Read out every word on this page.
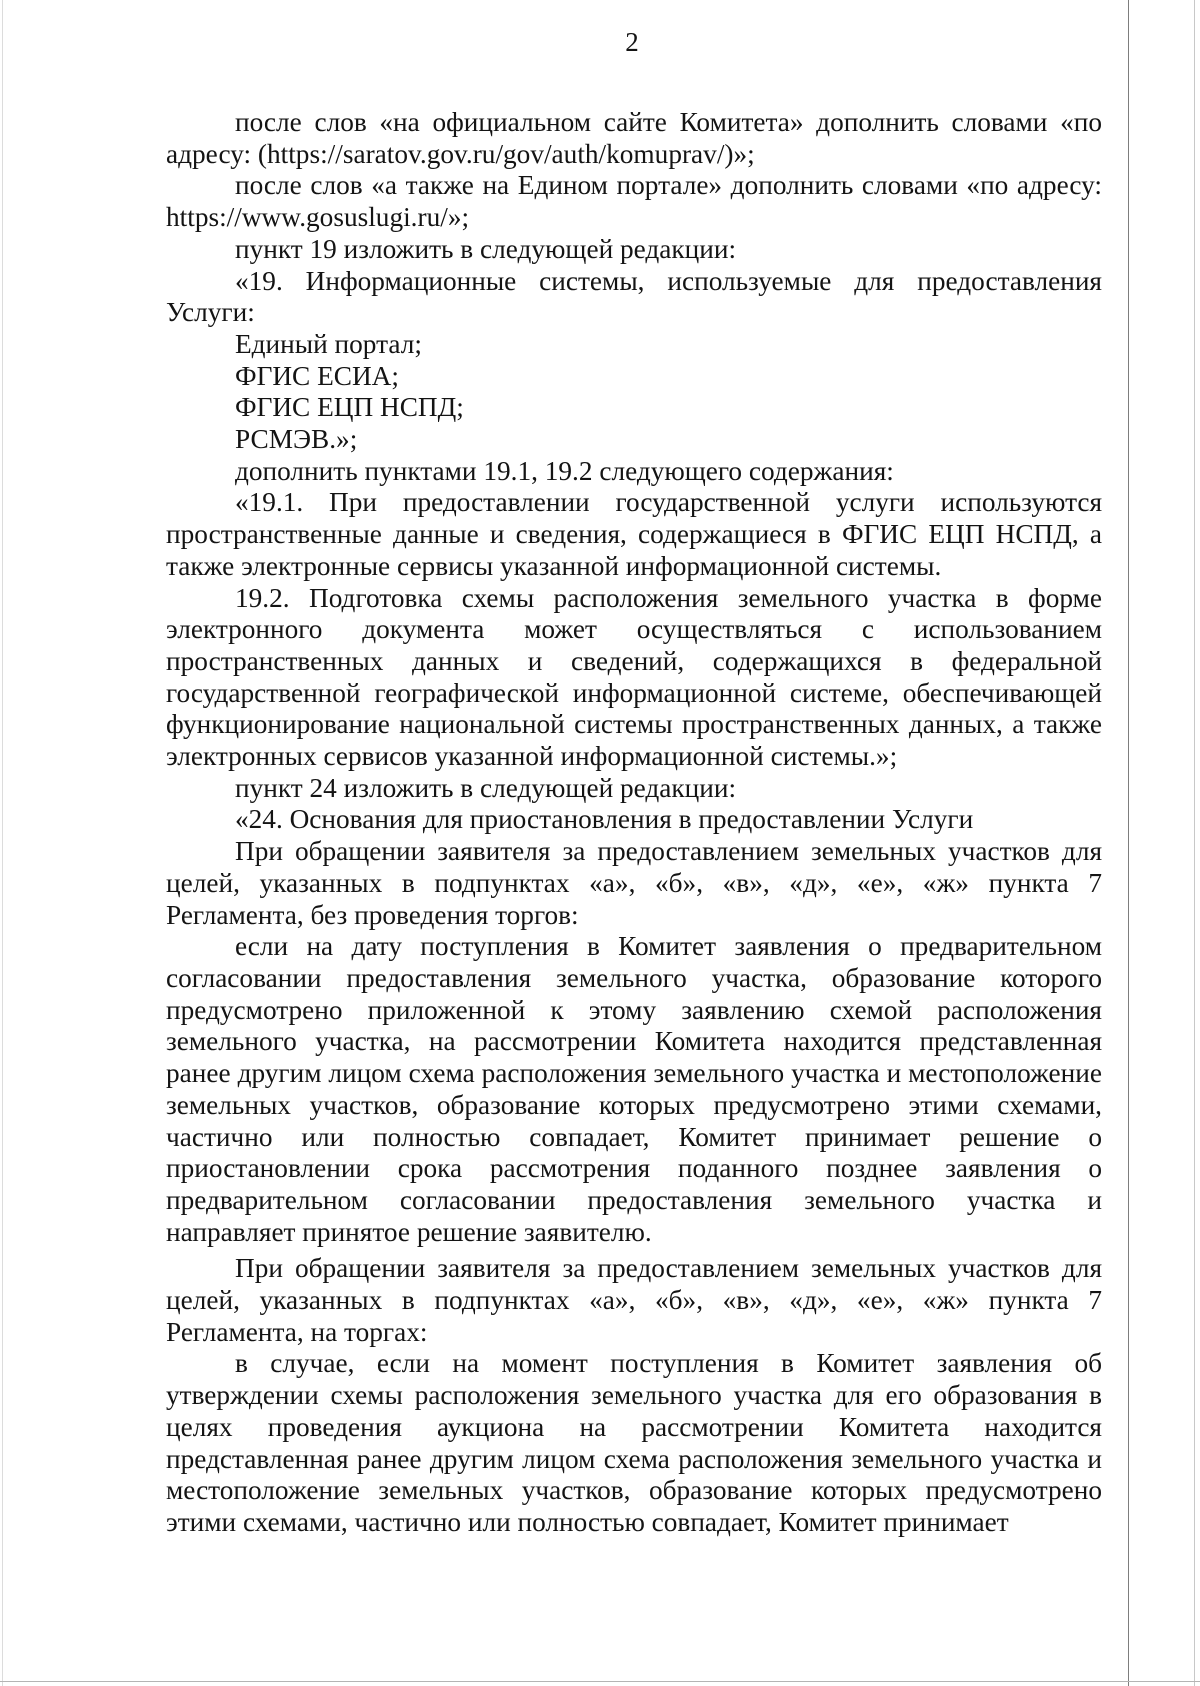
2

после слов «на официальном сайте Комитета» дополнить словами «по адресу: (https://saratov.gov.ru/gov/auth/komuprav/)»;

после слов «а также на Едином портале» дополнить словами «по адресу: https://www.gosuslugi.ru/»;

пункт 19 изложить в следующей редакции:

«19. Информационные системы, используемые для предоставления Услуги:

Единый портал;

ФГИС ЕСИА;

ФГИС ЕЦП НСПД;

РСМЭВ.»;

дополнить пунктами 19.1, 19.2 следующего содержания:

«19.1. При предоставлении государственной услуги используются пространственные данные и сведения, содержащиеся в ФГИС ЕЦП НСПД, а также электронные сервисы указанной информационной системы.

19.2. Подготовка схемы расположения земельного участка в форме электронного документа может осуществляться с использованием пространственных данных и сведений, содержащихся в федеральной государственной географической информационной системе, обеспечивающей функционирование национальной системы пространственных данных, а также электронных сервисов указанной информационной системы.»;

пункт 24 изложить в следующей редакции:

«24. Основания для приостановления в предоставлении Услуги

При обращении заявителя за предоставлением земельных участков для целей, указанных в подпунктах «а», «б», «в», «д», «е», «ж» пункта 7 Регламента, без проведения торгов:

если на дату поступления в Комитет заявления о предварительном согласовании предоставления земельного участка, образование которого предусмотрено приложенной к этому заявлению схемой расположения земельного участка, на рассмотрении Комитета находится представленная ранее другим лицом схема расположения земельного участка и местоположение земельных участков, образование которых предусмотрено этими схемами, частично или полностью совпадает, Комитет принимает решение о приостановлении срока рассмотрения поданного позднее заявления о предварительном согласовании предоставления земельного участка и направляет принятое решение заявителю.

При обращении заявителя за предоставлением земельных участков для целей, указанных в подпунктах «а», «б», «в», «д», «е», «ж» пункта 7 Регламента, на торгах:

в случае, если на момент поступления в Комитет заявления об утверждении схемы расположения земельного участка для его образования в целях проведения аукциона на рассмотрении Комитета находится представленная ранее другим лицом схема расположения земельного участка и местоположение земельных участков, образование которых предусмотрено этими схемами, частично или полностью совпадает, Комитет принимает
